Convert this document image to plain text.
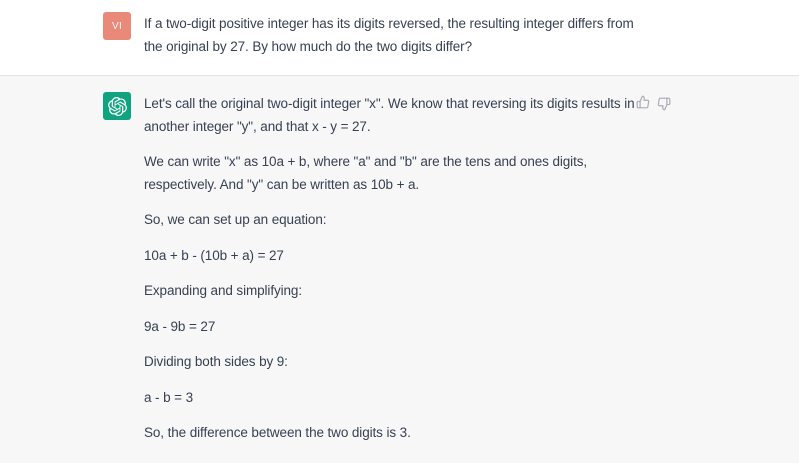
VI If a two-digit positive integer has its digits reversed, the resulting integer differs from the original by 27. By how much do the two digits differ?

Let's call the original two-digit integer "x". We know that reversing its digits results in another integer "y", and that x - y = 27.

We can write "x" as 10a + b, where "a" and "b" are the tens and ones digits, respectively. And "y" can be written as 10b + a.

So, we can set up an equation:

10a + b - (10b + a) = 27

Expanding and simplifying:

9a - 9b = 27

Dividing both sides by 9:

a - b = 3

So, the difference between the two digits is 3.
